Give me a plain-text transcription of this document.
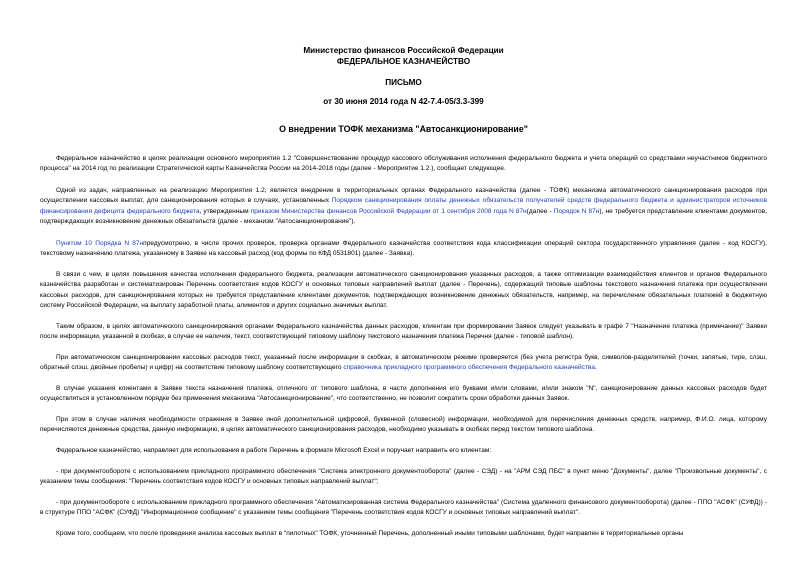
Министерство финансов Российской Федерации
ФЕДЕРАЛЬНОЕ КАЗНАЧЕЙСТВО
ПИСЬМО
от 30 июня 2014 года N 42-7.4-05/3.3-399
О внедрении ТОФК механизма "Автосанкционирование"
Федеральное казначейство в целях реализации основного мероприятия 1.2 "Совершенствование процедур кассового обслуживания исполнения федерального бюджета и учета операций со средствами неучастников бюджетного процесса" на 2014 год по реализации Стратегической карты Казначейства России на 2014-2018 годы (далее - Мероприятие 1.2.), сообщает следующее.
Одной из задач, направленных на реализацию Мероприятия 1.2, является внедрение в территориальных органах Федерального казначейства (далее - ТОФК) механизма автоматического санкционирования расходов при осуществлении кассовых выплат, для санкционирования которых в случаях, установленных Порядком санкционирования оплаты денежных обязательств получателей средств федерального бюджета и администраторов источников финансирования дефицита федерального бюджета, утвержденным приказом Министерства финансов Российской Федерации от 1 сентября 2008 года N 87н(далее - Порядок N 87н), не требуется представление клиентами документов, подтверждающих возникновение денежных обязательств (далее - механизм "Автосанкционирование").
Пунктом 10 Порядка N 87нпредусмотрено, в числе прочих проверок, проверка органами Федерального казначейства соответствия кода классификации операций сектора государственного управления (далее - код КОСГУ), текстовому назначению платежа, указанному в Заявке на кассовый расход (код формы по КФД 0531801) (далее - Заявка).
В связи с чем, в целях повышения качества исполнения федерального бюджета, реализации автоматического санкционирования указанных расходов, а также оптимизации взаимодействия клиентов и органов Федерального казначейства разработан и систематизирован Перечень соответствия кодов КОСГУ и основных типовых направлений выплат (далее - Перечень), содержащий типовые шаблоны текстового назначения платежа при осуществлении кассовых расходов, для санкционирования которых не требуется представление клиентами документов, подтверждающих возникновение денежных обязательств, например, на перечисление обязательных платежей в бюджетную систему Российской Федерации, на выплату заработной платы, алиментов и других социально значимых выплат.
Таким образом, в целях автоматического санкционирования органами Федерального казначейства данных расходов, клиентам при формировании Заявок следует указывать в графе 7 "Назначение платежа (примечание)" Заявки после информации, указанной в скобках, в случае ее наличия, текст, соответствующий типовому шаблону текстового назначения платежа Перечня (далее - типовой шаблон).
При автоматическом санкционировании кассовых расходов текст, указанный после информации в скобках, в автоматическом режиме проверяется (без учета регистра букв, символов-разделителей (точки, запятые, тире, слэш, обратный слэш, двойные пробелы) и цифр) на соответствие типовому шаблону соответствующего справочника прикладного программного обеспечения Федерального казначейства.
В случае указания клиентами в Заявке текста назначения платежа, отличного от типового шаблона, в части дополнения его буквами и/или словами, и/или знаком "N", санкционирование данных кассовых расходов будет осуществляться в установленном порядке без применения механизма "Автосанкционирование", что соответственно, не позволит сократить сроки обработки данных Заявок.
При этом в случае наличия необходимости отражения в Заявке иной дополнительной цифровой, буквенной (словесной) информации, необходимой для перечисления денежных средств, например, Ф.И.О. лица, которому перечисляются денежные средства, данную информацию, в целях автоматического санкционирования расходов, необходимо указывать в скобках перед текстом типового шаблона.
Федеральное казначейство, направляет для использования в работе Перечень в формате Microsoft Excel и поручает направить его клиентам:
- при документообороте с использованием прикладного программного обеспечения "Система электронного документооборота" (далее - СЭД) - на "АРМ СЭД ПБС" в пункт меню "Документы", далее "Произвольные документы", с указанием темы сообщения: "Перечень соответствия кодов КОСГУ и основных типовых направлений выплат";
- при документообороте с использованием прикладного программного обеспечения "Автоматизированная система Федерального казначейства" (Система удаленного финансового документооборота) (далее - ППО "АСФК" (СУФД)) - в структуре ППО "АСФК" (СУФД) "Информационное сообщение" с указанием темы сообщения "Перечень соответствия кодов КОСГУ и основных типовых направлений выплат".
Кроме того, сообщаем, что после проведения анализа кассовых выплат в "пилотных" ТОФК, уточненный Перечень, дополненный иными типовыми шаблонами, будет направлен в территориальные органы
